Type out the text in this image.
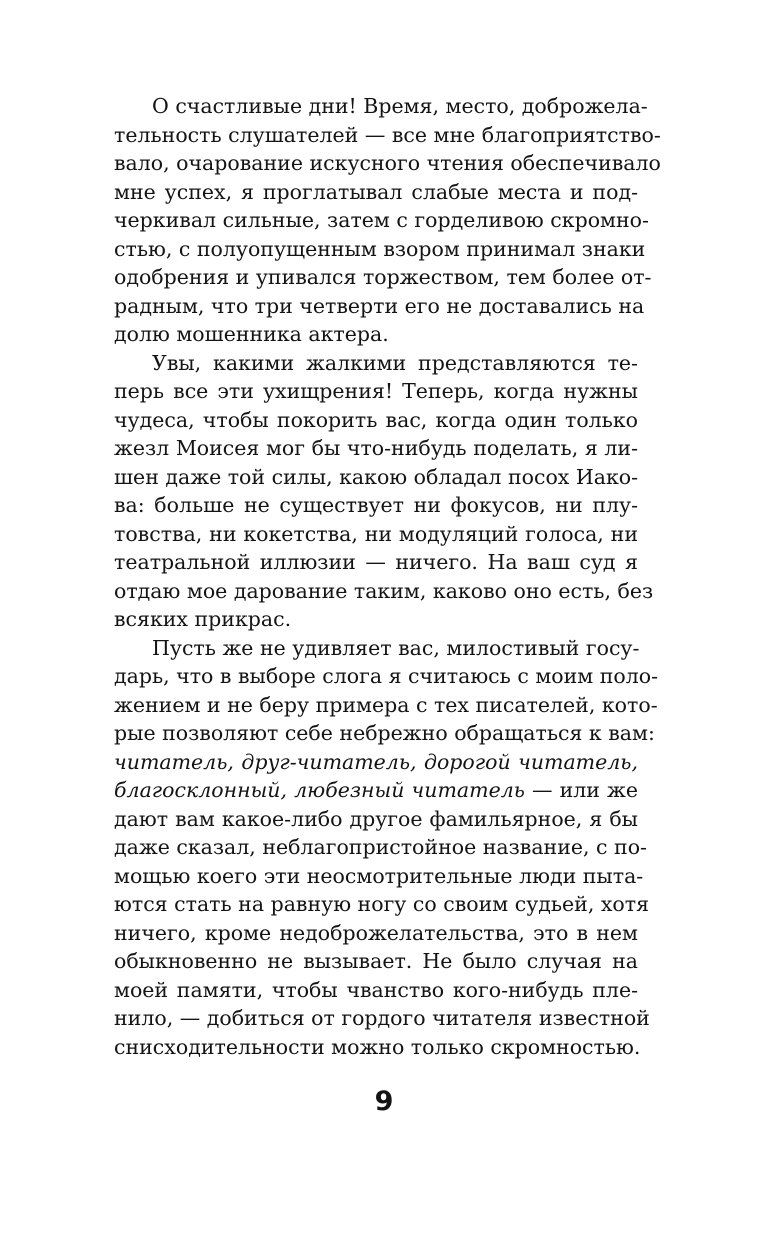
О счастливые дни! Время, место, доброжела-
тельность слушателей — все мне благоприятство-
вало, очарование искусного чтения обеспечивало
мне успех, я проглатывал слабые места и под-
черкивал сильные, затем с горделивою скромно-
стью, с полуопущенным взором принимал знаки
одобрения и упивался торжеством, тем более от-
радным, что три четверти его не доставались на
долю мошенника актера.
Увы, какими жалкими представляются те-
перь все эти ухищрения! Теперь, когда нужны
чудеса, чтобы покорить вас, когда один только
жезл Моисея мог бы что-нибудь поделать, я ли-
шен даже той силы, какою обладал посох Иако-
ва: больше не существует ни фокусов, ни плу-
товства, ни кокетства, ни модуляций голоса, ни
театральной иллюзии — ничего. На ваш суд я
отдаю мое дарование таким, каково оно есть, без
всяких прикрас.
Пусть же не удивляет вас, милостивый госу-
дарь, что в выборе слога я считаюсь с моим поло-
жением и не беру примера с тех писателей, кото-
рые позволяют себе небрежно обращаться к вам:
читатель, друг-читатель, дорогой читатель,
благосклонный, любезный читатель — или же
дают вам какое-либо другое фамильярное, я бы
даже сказал, неблагопристойное название, с по-
мощью коего эти неосмотрительные люди пыта-
ются стать на равную ногу со своим судьей, хотя
ничего, кроме недоброжелательства, это в нем
обыкновенно не вызывает. Не было случая на
моей памяти, чтобы чванство кого-нибудь пле-
нило, — добиться от гордого читателя известной
снисходительности можно только скромностью.
9
